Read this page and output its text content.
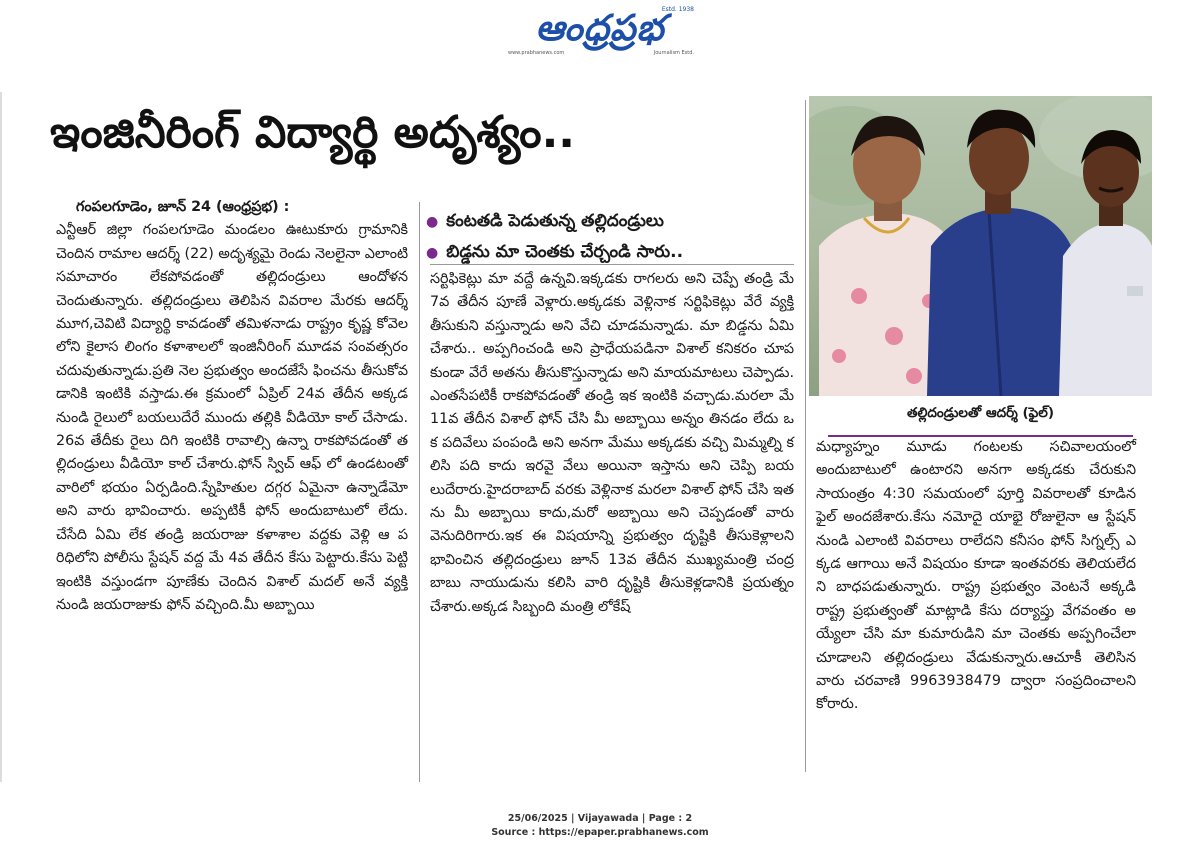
Estd. 1938
ఆంధ్రప్రభ
www.prabhanews.com	Journalism Estd.
ఇంజినీరింగ్ విద్యార్థి అదృశ్యం..
గంపలగూడెం, జూన్ 24 (ఆంధ్రప్రభ) :
ఎన్టీఆర్ జిల్లా గంపలగూడెం మండలం ఊటుకూరు గ్రామానికి చెందిన రామాల ఆదర్శ్ (22) అదృశ్యమై రెండు నెలలైనా ఎలాంటి సమాచారం లేకపోవడంతో తల్లిదండ్రులు ఆందోళన చెందుతున్నారు. తల్లిదండ్రులు తెలిపిన వివరాల మేరకు ఆదర్శ్ మూగ,చెవిటి విద్యార్థి కావడంతో తమిళనాడు రాష్ట్రం కృష్ణ కోవెలలోని కైలాస లింగం కళాశాలలో ఇంజినీరింగ్ మూడవ సంవత్సరం చదువుతున్నాడు.ప్రతి నెల ప్రభుత్వం అందజేసే ఫించను తీసుకోవడానికి ఇంటికి వస్తాడు.ఈ క్రమంలో ఏప్రిల్ 24వ తేదీన అక్కడ నుండి రైలులో బయలుదేరే ముందు తల్లికి వీడియో కాల్ చేసాడు.26వ తేదీకు రైలు దిగి ఇంటికి రావాల్సి ఉన్నా రాకపోవడంతో తల్లిదండ్రులు వీడియో కాల్ చేశారు.ఫోన్ స్విచ్ ఆఫ్ లో ఉండటంతో వారిలో భయం ఏర్పడింది.స్నేహితుల దగ్గర ఏమైనా ఉన్నాడేమో అని వారు భావించారు. అప్పటికీ ఫోన్ అందుబాటులో లేదు.చేసేది ఏమి లేక తండ్రి జయరాజు కళాశాల వద్దకు వెళ్లి ఆ పరిధిలోని పోలీసు స్టేషన్ వద్ద మే 4వ తేదీన కేసు పెట్టారు.కేసు పెట్టి ఇంటికి వస్తుండగా పూణేకు చెందిన విశాల్ మదల్ అనే వ్యక్తి నుండి జయరాజుకు ఫోన్ వచ్చింది.మీ అబ్బాయి
● కంటతడి పెడుతున్న తల్లిదండ్రులు
● బిడ్డను మా చెంతకు చేర్చండి సారు..
సర్టిఫికెట్లు మా వద్దే ఉన్నవి.ఇక్కడకు రాగలరు అని చెప్పే తండ్రి మే 7వ తేదీన పూణే వెళ్లారు.అక్కడకు వెళ్లినాక సర్టిఫికెట్లు వేరే వ్యక్తి తీసుకుని వస్తున్నాడు అని వేచి చూడమన్నాడు. మా బిడ్డను ఏమి చేశారు.. అప్పగించండి అని ప్రాధేయపడినా విశాల్ కనికరం చూపకుండా వేరే అతను తీసుకొస్తున్నాడు అని మాయమాటలు చెప్పాడు.ఎంతసేపటికీ రాకపోవడంతో తండ్రి ఇక ఇంటికి వచ్చాడు.మరలా మే 11వ తేదీన విశాల్ ఫోన్ చేసి మీ అబ్బాయి అన్నం తినడం లేదు ఒక పదివేలు పంపండి అని అనగా మేము అక్కడకు వచ్చి మిమ్మల్ని కలిసి పది కాదు ఇరవై వేలు అయినా ఇస్తాను అని చెప్పి బయలుదేరారు.హైదరాబాద్ వరకు వెళ్లినాక మరలా విశాల్ ఫోన్ చేసి ఇతను మీ అబ్బాయి కాదు,మరో అబ్బాయి అని చెప్పడంతో వారు వెనుదిరిగారు.ఇక ఈ విషయాన్ని ప్రభుత్వం దృష్టికి తీసుకెళ్లాలని భావించిన తల్లిదండ్రులు జూన్ 13వ తేదీన ముఖ్యమంత్రి చంద్ర బాబు నాయుడును కలిసి వారి దృష్టికి తీసుకెళ్లడానికి ప్రయత్నం చేశారు.అక్కడ సిబ్బంది మంత్రి లోకేష్
తల్లిదండ్రులతో ఆదర్శ్ (ఫైల్)
మధ్యాహ్నం మూడు గంటలకు సచివాలయంలో అందుబాటులో ఉంటారని అనగా అక్కడకు చేరుకుని సాయంత్రం 4:30 సమయంలో పూర్తి వివరాలతో కూడిన ఫైల్ అందజేశారు.కేసు నమోదై యాభై రోజులైనా ఆ స్టేషన్ నుండి ఎలాంటి వివరాలు రాలేదని కనీసం ఫోన్ సిగ్నల్స్ ఎక్కడ ఆగాయి అనే విషయం కూడా ఇంతవరకు తెలియలేదని బాధపడుతున్నారు. రాష్ట్ర ప్రభుత్వం వెంటనే అక్కడి రాష్ట్ర ప్రభుత్వంతో మాట్లాడి కేసు దర్యాప్తు వేగవంతం అయ్యేలా చేసి మా కుమారుడిని మా చెంతకు అప్పగించేలా చూడాలని తల్లిదండ్రులు వేడుకున్నారు.ఆచూకీ తెలిసిన వారు చరవాణి 9963938479 ద్వారా సంప్రదించాలని కోరారు.
25/06/2025 | Vijayawada | Page : 2
Source : https://epaper.prabhanews.com
